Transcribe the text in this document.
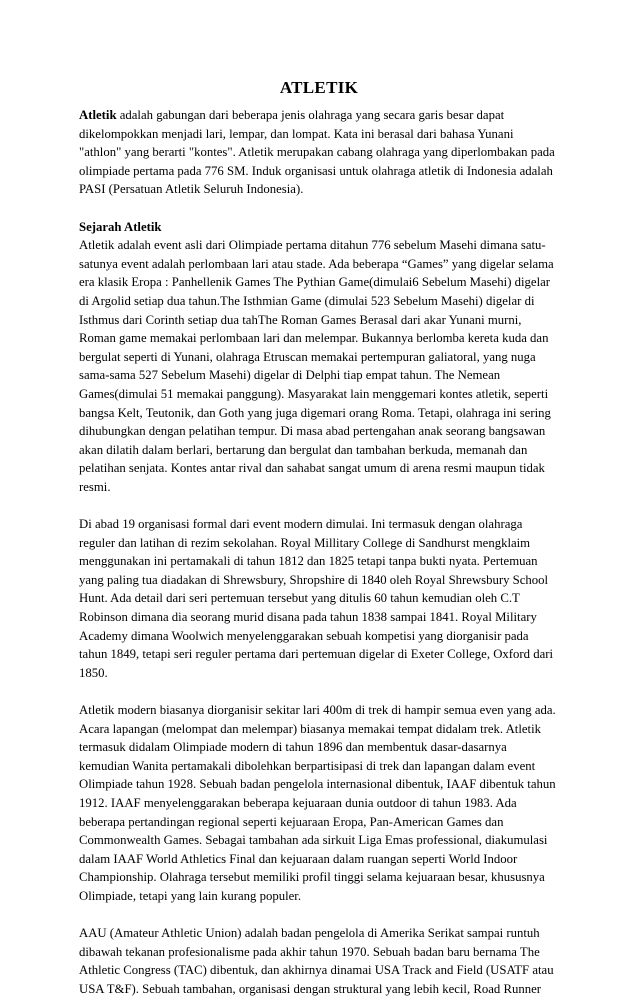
ATLETIK
Atletik adalah gabungan dari beberapa jenis olahraga yang secara garis besar dapat
dikelompokkan menjadi lari, lempar, dan lompat. Kata ini berasal dari bahasa Yunani
"athlon" yang berarti "kontes". Atletik merupakan cabang olahraga yang diperlombakan pada
olimpiade pertama pada 776 SM. Induk organisasi untuk olahraga atletik di Indonesia adalah
PASI (Persatuan Atletik Seluruh Indonesia).
Sejarah Atletik
Atletik adalah event asli dari Olimpiade pertama ditahun 776 sebelum Masehi dimana satu-
satunya event adalah perlombaan lari atau stade. Ada beberapa “Games” yang digelar selama
era klasik Eropa : Panhellenik Games The Pythian Game(dimulai6 Sebelum Masehi) digelar
di Argolid setiap dua tahun.The Isthmian Game (dimulai 523 Sebelum Masehi) digelar di
Isthmus dari Corinth setiap dua tahThe Roman Games Berasal dari akar Yunani murni,
Roman game memakai perlombaan lari dan melempar. Bukannya berlomba kereta kuda dan
bergulat seperti di Yunani, olahraga Etruscan memakai pertempuran galiatoral, yang nuga
sama-sama 527 Sebelum Masehi) digelar di Delphi tiap empat tahun. The Nemean
Games(dimulai 51 memakai panggung). Masyarakat lain menggemari kontes atletik, seperti
bangsa Kelt, Teutonik, dan Goth yang juga digemari orang Roma. Tetapi, olahraga ini sering
dihubungkan dengan pelatihan tempur. Di masa abad pertengahan anak seorang bangsawan
akan dilatih dalam berlari, bertarung dan bergulat dan tambahan berkuda, memanah dan
pelatihan senjata. Kontes antar rival dan sahabat sangat umum di arena resmi maupun tidak
resmi.
Di abad 19 organisasi formal dari event modern dimulai. Ini termasuk dengan olahraga
reguler dan latihan di rezim sekolahan. Royal Millitary College di Sandhurst mengklaim
menggunakan ini pertamakali di tahun 1812 dan 1825 tetapi tanpa bukti nyata. Pertemuan
yang paling tua diadakan di Shrewsbury, Shropshire di 1840 oleh Royal Shrewsbury School
Hunt. Ada detail dari seri pertemuan tersebut yang ditulis 60 tahun kemudian oleh C.T
Robinson dimana dia seorang murid disana pada tahun 1838 sampai 1841. Royal Military
Academy dimana Woolwich menyelenggarakan sebuah kompetisi yang diorganisir pada
tahun 1849, tetapi seri reguler pertama dari pertemuan digelar di Exeter College, Oxford dari
1850.
Atletik modern biasanya diorganisir sekitar lari 400m di trek di hampir semua even yang ada.
Acara lapangan (melompat dan melempar) biasanya memakai tempat didalam trek. Atletik
termasuk didalam Olimpiade modern di tahun 1896 dan membentuk dasar-dasarnya
kemudian Wanita pertamakali dibolehkan berpartisipasi di trek dan lapangan dalam event
Olimpiade tahun 1928. Sebuah badan pengelola internasional dibentuk, IAAF dibentuk tahun
1912. IAAF menyelenggarakan beberapa kejuaraan dunia outdoor di tahun 1983. Ada
beberapa pertandingan regional seperti kejuaraan Eropa, Pan-American Games dan
Commonwealth Games. Sebagai tambahan ada sirkuit Liga Emas professional, diakumulasi
dalam IAAF World Athletics Final dan kejuaraan dalam ruangan seperti World Indoor
Championship. Olahraga tersebut memiliki profil tinggi selama kejuaraan besar, khususnya
Olimpiade, tetapi yang lain kurang populer.
AAU (Amateur Athletic Union) adalah badan pengelola di Amerika Serikat sampai runtuh
dibawah tekanan profesionalisme pada akhir tahun 1970. Sebuah badan baru bernama The
Athletic Congress (TAC) dibentuk, dan akhirnya dinamai USA Track and Field (USATF atau
USA T&F). Sebuah tambahan, organisasi dengan struktural yang lebih kecil, Road Runner
